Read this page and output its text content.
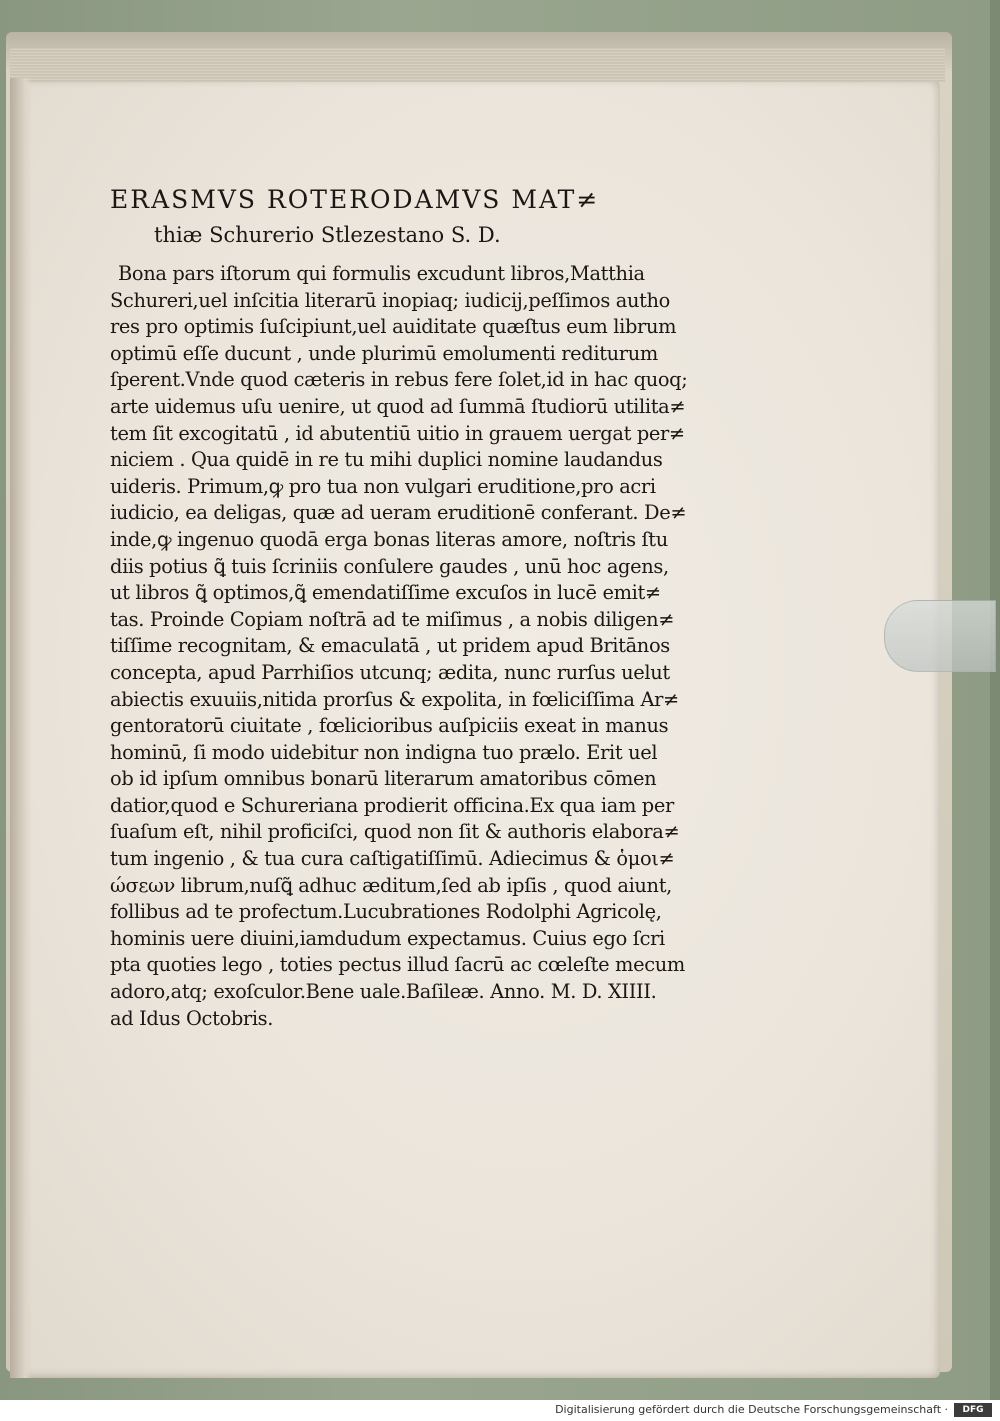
ERASMVS ROTERODAMVS MAT≠

thiæ Schurerio Stlezestano S. D.

Bona pars iſtorum qui formulis excudunt libros,Matthia
Schureri,uel inſcitia literarū inopiaq; iudicij,peſſimos autho
res pro optimis ſuſcipiunt,uel auiditate quæſtus eum librum
optimū eſſe ducunt , unde plurimū emolumenti rediturum
ſperent.Vnde quod cæteris in rebus fere ſolet,id in hac quoq;
arte uidemus uſu uenire, ut quod ad ſummā ſtudiorū utilita≠
tem ſit excogitatū , id abutentiū uitio in grauem uergat per≠
niciem . Qua quidē in re tu mihi duplici nomine laudandus
uideris. Primum,ꝙ pro tua non vulgari eruditione,pro acri
iudicio, ea deligas, quæ ad ueram eruditionē conferant. De≠
inde,ꝙ ingenuo quodā erga bonas literas amore, noſtris ſtu
diis potius ꝗ̃ tuis ſcriniis conſulere gaudes , unū hoc agens,
ut libros ꝗ̃ optimos,ꝗ̃ emendatiſſime excuſos in lucē emit≠
tas. Proinde Copiam noſtrā ad te miſimus , a nobis diligen≠
tiſſime recognitam, & emaculatā , ut pridem apud Britānos
concepta, apud Parrhiſios utcunq; æditа, nunc rurſus uelut
abiectis exuuiis,nitida prorſus & expolita, in fœliciſſima Ar≠
gentoratorū ciuitate , fœlicioribus auſpiciis exeat in manus
hominū, ſi modo uidebitur non indigna tuo prælo. Erit uel
ob id ipſum omnibus bonarū literarum amatoribus cōmen
datior,quod e Schureriana prodierit officina.Ex qua iam per
ſuaſum eſt, nihil proficiſci, quod non ſit & authoris elabora≠
tum ingenio , & tua cura caſtigatiſſimū. Adiecimus & ὁμοι≠
ώσεων librum,nuſꝗ̃ adhuc æditum,ſed ab ipſis , quod aiunt,
follibus ad te profectum.Lucubrationes Rodolphi Agricolę,
hominis uere diuini,iamdudum expectamus. Cuius ego ſcri
pta quoties lego , toties pectus illud ſacrū ac cœleſte mecum
adoro,atq; exoſculor.Bene uale.Baſileæ. Anno. M. D. XIIII.
ad Idus Octobris.
Digitalisierung gefördert durch die Deutsche Forschungsgemeinschaft ·	DFG
